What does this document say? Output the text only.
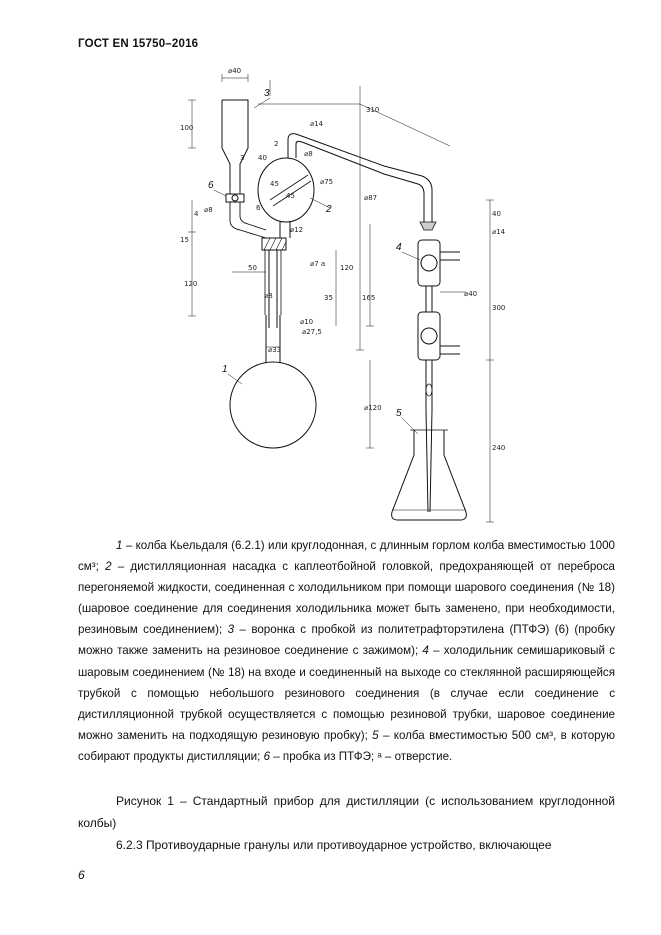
ГОСТ EN 15750–2016
3
2
6
1
4
5
⌀40
310
⌀14
100
40
⌀8
⌀75
45	⌀87
4
15
⌀12
⌀7 a
120
50	120
35
⌀8
⌀10
⌀27,5
⌀33
⌀120
165
40
⌀14
⌀40
300
240
2
⌀8
45
3
6
1 – колба Кьельдаля (6.2.1) или круглодонная, с длинным горлом колба вместимостью 1000 см³; 2 – дистилляционная насадка с каплеотбойной головкой, предохраняющей от переброса перегоняемой жидкости, соединенная с холодильником при помощи шарового соединения (№ 18) (шаровое соединение для соединения холодильника может быть заменено, при необходимости, резиновым соединением); 3 – воронка с пробкой из политетрафторэтилена (ПТФЭ) (6) (пробку можно также заменить на резиновое соединение с зажимом); 4 – холодильник семишариковый с шаровым соединением (№ 18) на входе и соединенный на выходе со стеклянной расширяющейся трубкой с помощью небольшого резинового соединения (в случае если соединение с дистилляционной трубкой осуществляется с помощью резиновой трубки, шаровое соединение можно заменить на подходящую резиновую пробку); 5 – колба вместимостью 500 см³, в которую собирают продукты дистилляции; 6 – пробка из ПТФЭ; ᵃ – отверстие.
Рисунок 1 – Стандартный прибор для дистилляции (с использованием круглодонной колбы)
6.2.3 Противоударные гранулы или противоударное устройство, включающее
6
